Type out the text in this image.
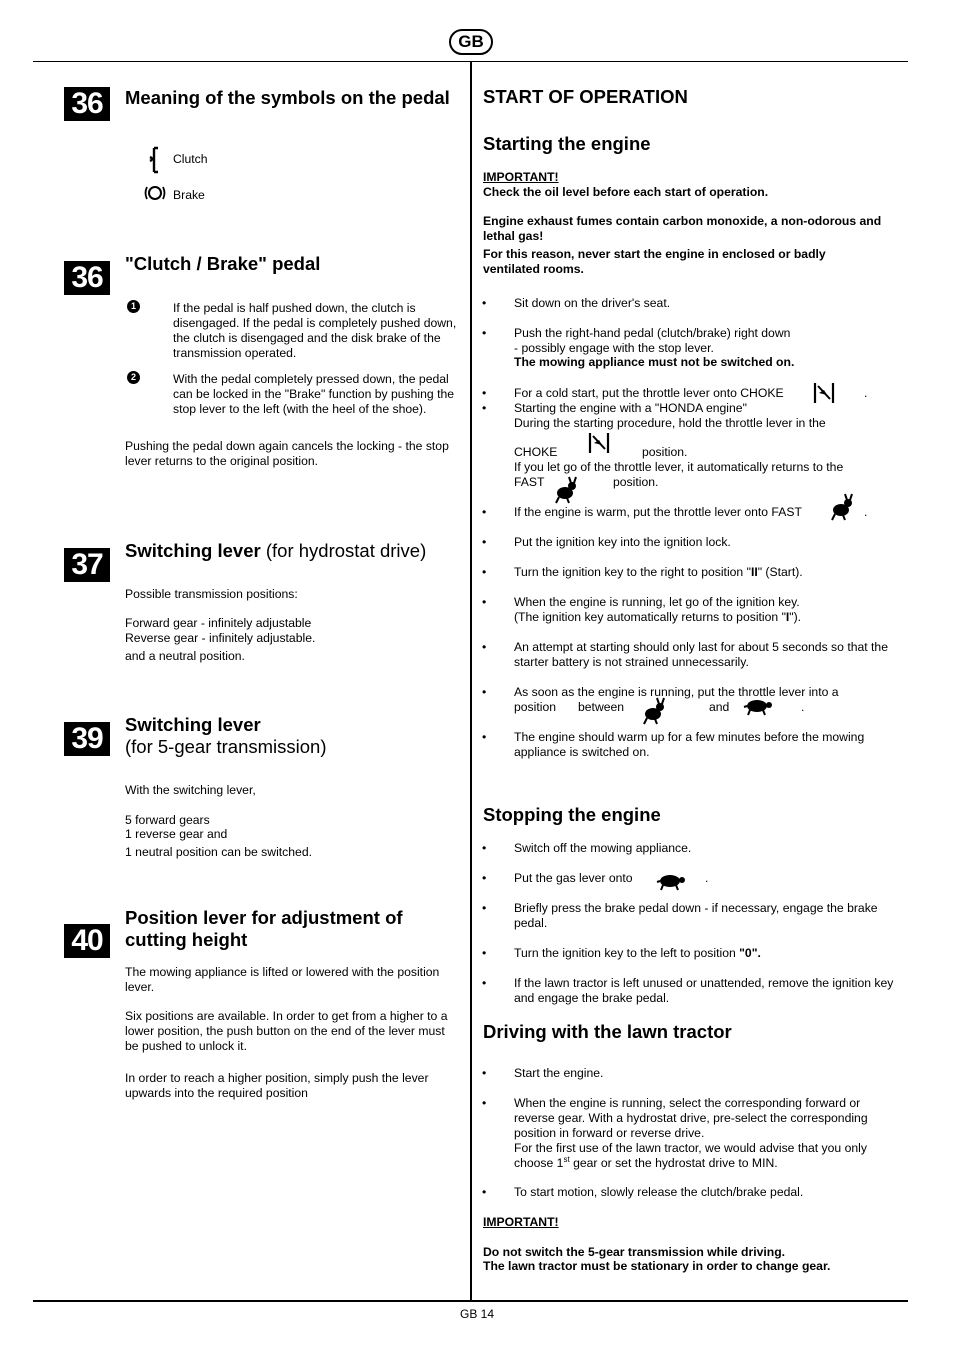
GB
GB 14
36	Meaning of the symbols on the pedal
Clutch
Brake
36	"Clutch / Brake" pedal
1	If the pedal is half pushed down, the clutch is disengaged. If the pedal is completely pushed down, the clutch is disengaged and the disk brake of the transmission operated.
2	With the pedal completely pressed down, the pedal can be locked in the "Brake" function by pushing the stop lever to the left (with the heel of the shoe).
Pushing the pedal down again cancels the locking - the stop lever returns to the original position.
37	Switching lever (for hydrostat drive)
Possible transmission positions:
Forward gear - infinitely adjustable
Reverse gear - infinitely adjustable.
and a neutral position.
39	Switching lever
(for 5-gear transmission)
With the switching lever,
5 forward gears
1 reverse gear and
1 neutral position can be switched.
40
Position lever for adjustment of cutting height
The mowing appliance is lifted or lowered with the position lever.
Six positions are available. In order to get from a higher to a lower position, the push button on the end of the lever must be pushed to unlock it.
In order to reach a higher position, simply push the lever upwards into the required position
START OF OPERATION
Starting the engine
IMPORTANT!
Check the oil level before each start of operation.
Engine exhaust fumes contain carbon monoxide, a non-odorous and lethal gas!
For this reason, never start the engine in enclosed or badly ventilated rooms.
• Sit down on the driver's seat.
• Push the right-hand pedal (clutch/brake) right down
- possibly engage with the stop lever.
The mowing appliance must not be switched on.
• For a cold start, put the throttle lever onto CHOKE	.
• Starting the engine with a "HONDA engine"
During the starting procedure, hold the throttle lever in the
CHOKE	position.
If you let go of the throttle lever, it automatically returns to the
FAST	position.
• If the engine is warm, put the throttle lever onto FAST	.
• Put the ignition key into the ignition lock.
• Turn the ignition key to the right to position "II" (Start).
• When the engine is running, let go of the ignition key.
(The ignition key automatically returns to position "I").
• An attempt at starting should only last for about 5 seconds so that the starter battery is not strained unnecessarily.
• As soon as the engine is running, put the throttle lever into a
position between	and	.
• The engine should warm up for a few minutes before the mowing appliance is switched on.
Stopping the engine
• Switch off the mowing appliance.
• Put the gas lever onto	.
• Briefly press the brake pedal down - if necessary, engage the brake pedal.
• Turn the ignition key to the left to position "0".
• If the lawn tractor is left unused or unattended, remove the ignition key and engage the brake pedal.
Driving with the lawn tractor
• Start the engine.
• When the engine is running, select the corresponding forward or reverse gear. With a hydrostat drive, pre-select the corresponding position in forward or reverse drive.
For the first use of the lawn tractor, we would advise that you only choose 1st gear or set the hydrostat drive to MIN.
• To start motion, slowly release the clutch/brake pedal.
IMPORTANT!
Do not switch the 5-gear transmission while driving.
The lawn tractor must be stationary in order to change gear.
